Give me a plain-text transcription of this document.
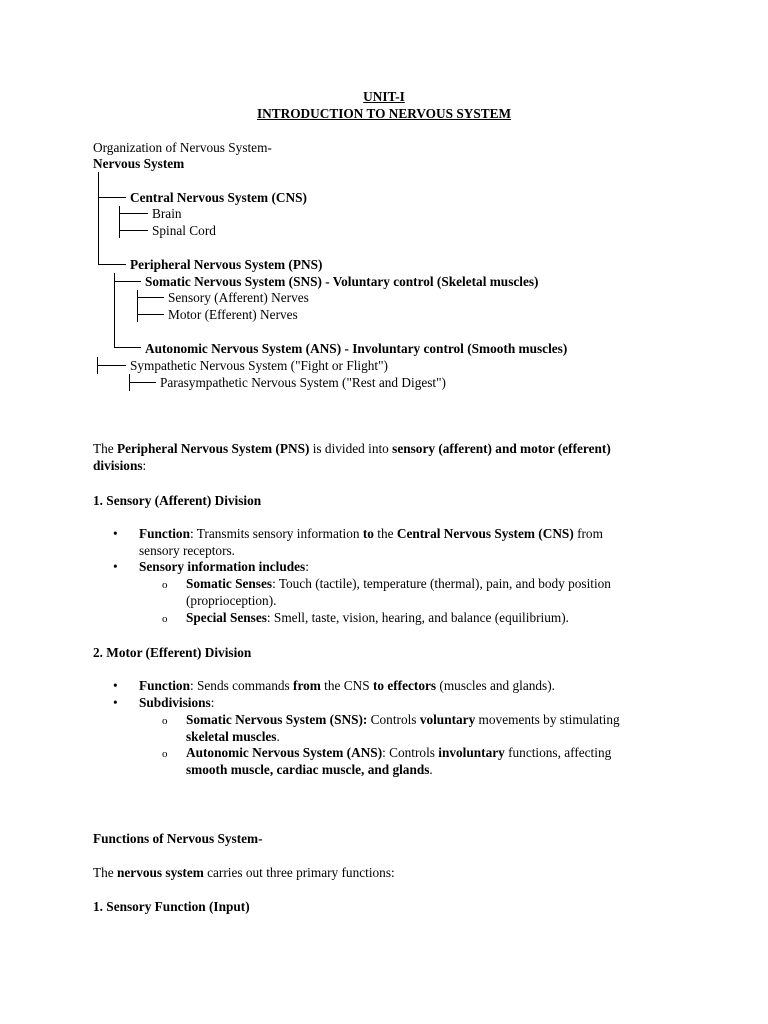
UNIT-I
INTRODUCTION TO NERVOUS SYSTEM
Organization of Nervous System-
Nervous System
Central Nervous System (CNS)
Brain
Spinal Cord
Peripheral Nervous System (PNS)
Somatic Nervous System (SNS) - Voluntary control (Skeletal muscles)
Sensory (Afferent) Nerves
Motor (Efferent) Nerves
Autonomic Nervous System (ANS) - Involuntary control (Smooth muscles)
Sympathetic Nervous System ("Fight or Flight")
Parasympathetic Nervous System ("Rest and Digest")
The Peripheral Nervous System (PNS) is divided into sensory (afferent) and motor (efferent) divisions:
1. Sensory (Afferent) Division
• Function: Transmits sensory information to the Central Nervous System (CNS) from sensory receptors.
• Sensory information includes:
o Somatic Senses: Touch (tactile), temperature (thermal), pain, and body position (proprioception).
o Special Senses: Smell, taste, vision, hearing, and balance (equilibrium).
2. Motor (Efferent) Division
• Function: Sends commands from the CNS to effectors (muscles and glands).
• Subdivisions:
o Somatic Nervous System (SNS): Controls voluntary movements by stimulating skeletal muscles.
o Autonomic Nervous System (ANS): Controls involuntary functions, affecting smooth muscle, cardiac muscle, and glands.
Functions of Nervous System-
The nervous system carries out three primary functions:
1. Sensory Function (Input)
